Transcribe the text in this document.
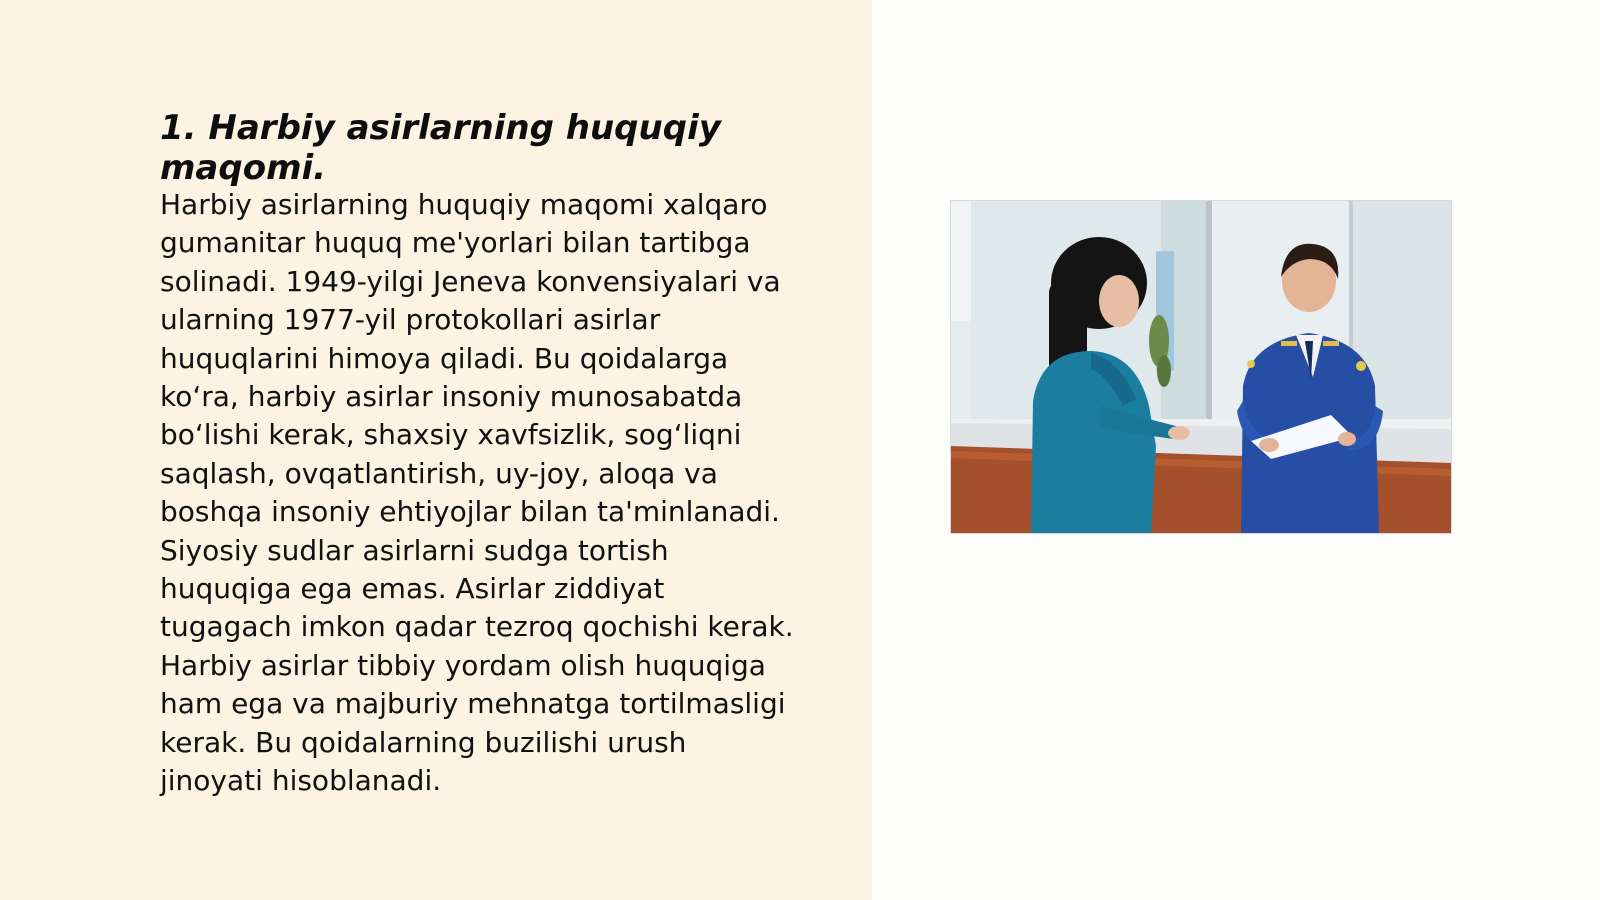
1. Harbiy asirlarning huquqiy maqomi.

Harbiy asirlarning huquqiy maqomi xalqaro
gumanitar huquq me'yorlari bilan tartibga
solinadi. 1949-yilgi Jeneva konvensiyalari va
ularning 1977-yil protokollari asirlar
huquqlarini himoya qiladi. Bu qoidalarga
ko‘ra, harbiy asirlar insoniy munosabatda
bo‘lishi kerak, shaxsiy xavfsizlik, sog‘liqni
saqlash, ovqatlantirish, uy-joy, aloqa va
boshqa insoniy ehtiyojlar bilan ta'minlanadi.
Siyosiy sudlar asirlarni sudga tortish
huquqiga ega emas. Asirlar ziddiyat
tugagach imkon qadar tezroq qochishi kerak.
Harbiy asirlar tibbiy yordam olish huquqiga
ham ega va majburiy mehnatga tortilmasligi
kerak. Bu qoidalarning buzilishi urush
jinoyati hisoblanadi.
